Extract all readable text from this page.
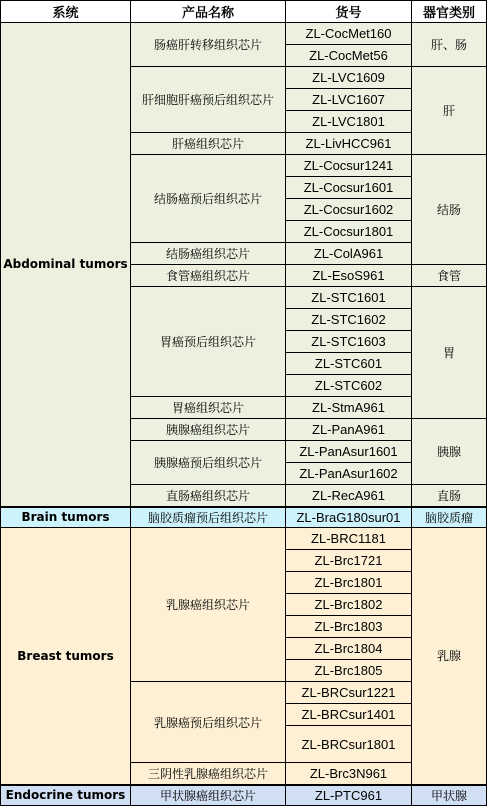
系统	产品名称	货号	器官类别
Abdominal tumors	肠癌肝转移组织芯片	ZL-CocMet160	肝、肠
		ZL-CocMet56	
	肝细胞肝癌预后组织芯片	ZL-LVC1609	肝
		ZL-LVC1607	
		ZL-LVC1801	
	肝癌组织芯片	ZL-LivHCC961	
	结肠癌预后组织芯片	ZL-Cocsur1241	结肠
		ZL-Cocsur1601	
		ZL-Cocsur1602	
		ZL-Cocsur1801	
	结肠癌组织芯片	ZL-ColA961	
	食管癌组织芯片	ZL-EsoS961	食管
	胃癌预后组织芯片	ZL-STC1601	胃
		ZL-STC1602	
		ZL-STC1603	
		ZL-STC601	
		ZL-STC602	
	胃癌组织芯片	ZL-StmA961	
	胰腺癌组织芯片	ZL-PanA961	胰腺
	胰腺癌预后组织芯片	ZL-PanAsur1601	
		ZL-PanAsur1602	
	直肠癌组织芯片	ZL-RecA961	直肠
Brain tumors	脑胶质瘤预后组织芯片	ZL-BraG180sur01	脑胶质瘤
Breast tumors	乳腺癌组织芯片	ZL-BRC1181	乳腺
		ZL-Brc1721	
		ZL-Brc1801	
		ZL-Brc1802	
		ZL-Brc1803	
		ZL-Brc1804	
		ZL-Brc1805	
	乳腺癌预后组织芯片	ZL-BRCsur1221	
		ZL-BRCsur1401	
		ZL-BRCsur1801	
	三阴性乳腺癌组织芯片	ZL-Brc3N961	
Endocrine tumors	甲状腺癌组织芯片	ZL-PTC961	甲状腺
